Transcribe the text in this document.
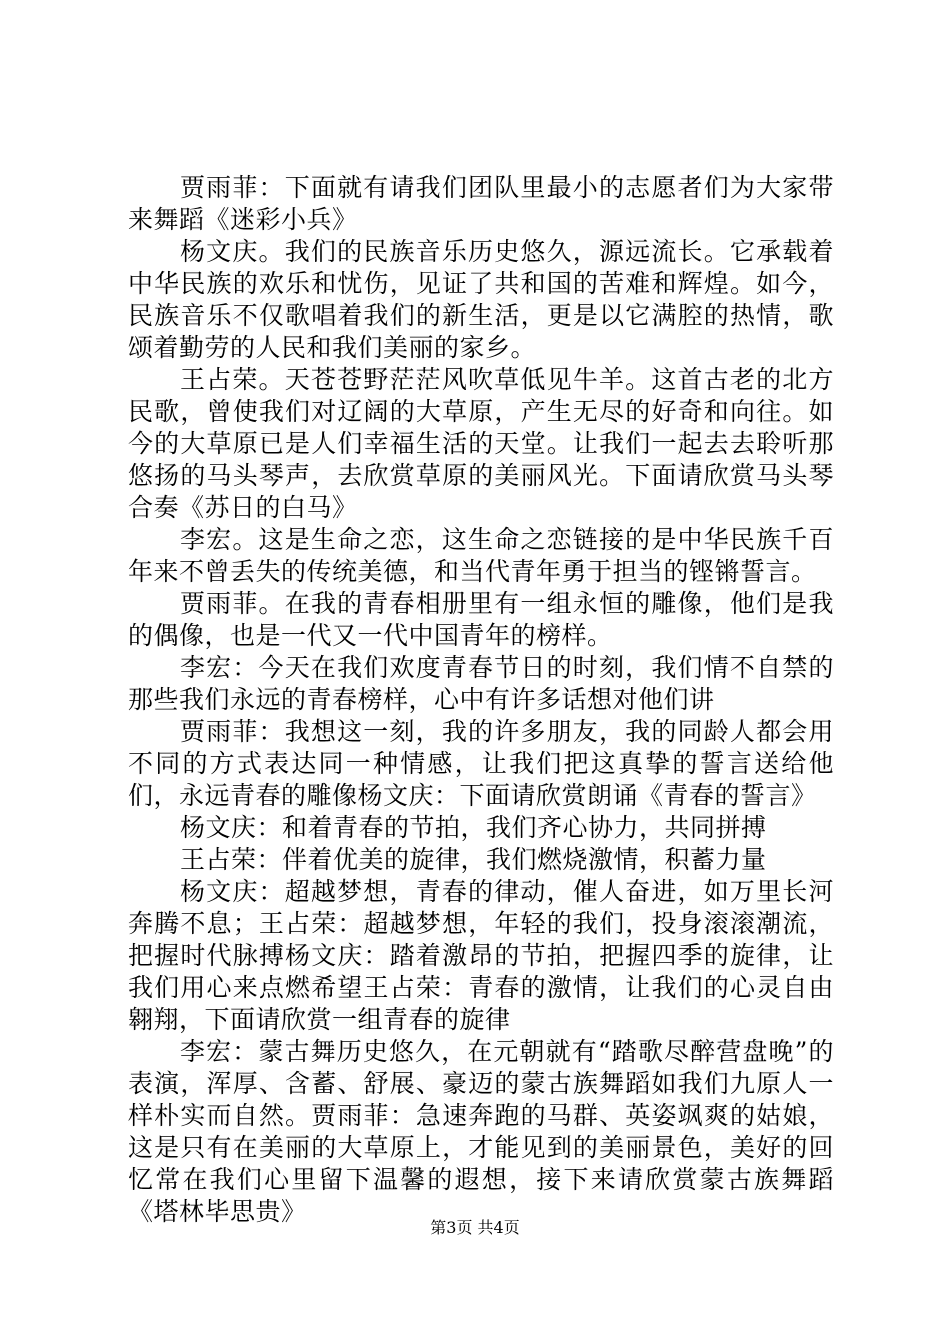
贾雨菲：下面就有请我们团队里最小的志愿者们为大家带来舞蹈《迷彩小兵》

杨文庆。我们的民族音乐历史悠久，源远流长。它承载着中华民族的欢乐和忧伤，见证了共和国的苦难和辉煌。如今，民族音乐不仅歌唱着我们的新生活，更是以它满腔的热情，歌颂着勤劳的人民和我们美丽的家乡。

王占荣。天苍苍野茫茫风吹草低见牛羊。这首古老的北方民歌，曾使我们对辽阔的大草原，产生无尽的好奇和向往。如今的大草原已是人们幸福生活的天堂。让我们一起去去聆听那悠扬的马头琴声，去欣赏草原的美丽风光。下面请欣赏马头琴合奏《苏日的白马》

李宏。这是生命之恋，这生命之恋链接的是中华民族千百年来不曾丢失的传统美德，和当代青年勇于担当的铿锵誓言。

贾雨菲。在我的青春相册里有一组永恒的雕像，他们是我的偶像，也是一代又一代中国青年的榜样。

李宏：今天在我们欢度青春节日的时刻，我们情不自禁的那些我们永远的青春榜样，心中有许多话想对他们讲

贾雨菲：我想这一刻，我的许多朋友，我的同龄人都会用不同的方式表达同一种情感，让我们把这真挚的誓言送给他们，永远青春的雕像杨文庆：下面请欣赏朗诵《青春的誓言》

杨文庆：和着青春的节拍，我们齐心协力，共同拼搏

王占荣：伴着优美的旋律，我们燃烧激情，积蓄力量

杨文庆：超越梦想，青春的律动，催人奋进，如万里长河奔腾不息；王占荣：超越梦想，年轻的我们，投身滚滚潮流，把握时代脉搏杨文庆：踏着激昂的节拍，把握四季的旋律，让我们用心来点燃希望王占荣：青春的激情，让我们的心灵自由翱翔，下面请欣赏一组青春的旋律

李宏：蒙古舞历史悠久，在元朝就有“踏歌尽醉营盘晚”的表演，浑厚、含蓄、舒展、豪迈的蒙古族舞蹈如我们九原人一样朴实而自然。贾雨菲：急速奔跑的马群、英姿飒爽的姑娘，这是只有在美丽的大草原上，才能见到的美丽景色，美好的回忆常在我们心里留下温馨的遐想，接下来请欣赏蒙古族舞蹈《塔林毕思贵》

第3页 共4页
